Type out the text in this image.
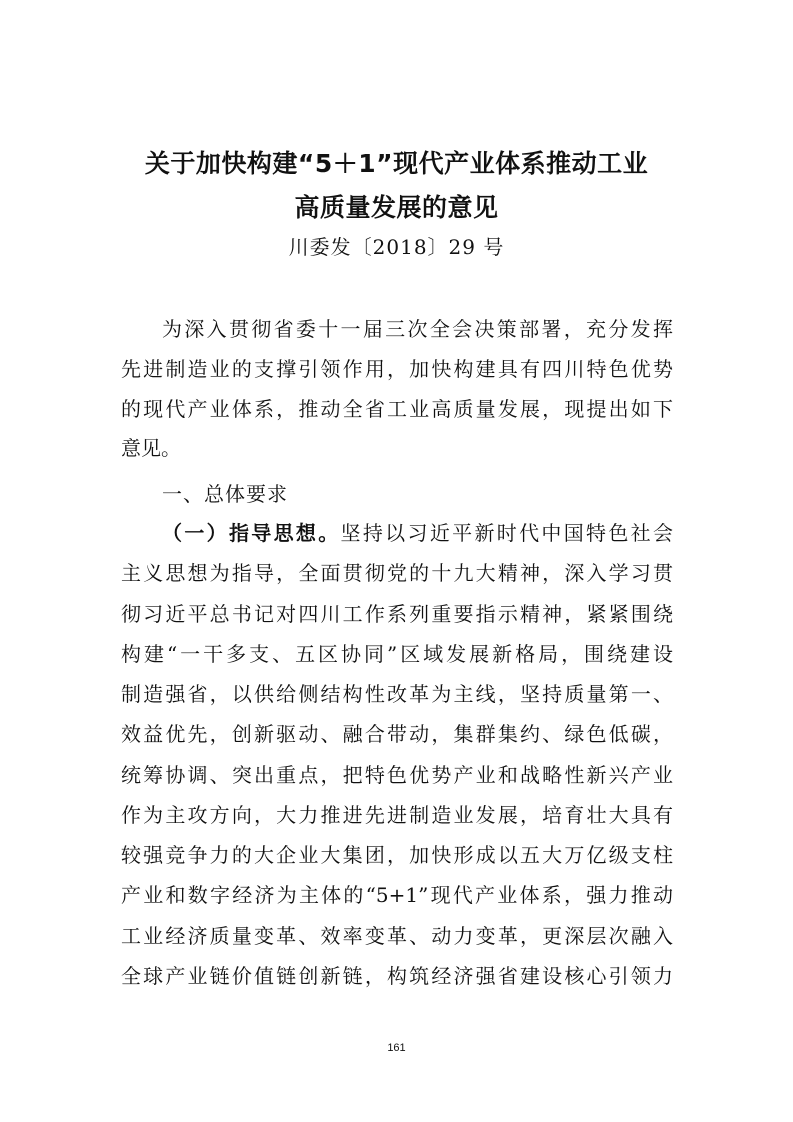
关于加快构建“5＋1”现代产业体系推动工业
高质量发展的意见
川委发〔2018〕29 号
为深入贯彻省委十一届三次全会决策部署，充分发挥
先进制造业的支撑引领作用，加快构建具有四川特色优势
的现代产业体系，推动全省工业高质量发展，现提出如下
意见。
一、总体要求
（一）指导思想。坚持以习近平新时代中国特色社会
主义思想为指导，全面贯彻党的十九大精神，深入学习贯
彻习近平总书记对四川工作系列重要指示精神，紧紧围绕
构建“一干多支、五区协同”区域发展新格局，围绕建设
制造强省，以供给侧结构性改革为主线，坚持质量第一、
效益优先，创新驱动、融合带动，集群集约、绿色低碳，
统筹协调、突出重点，把特色优势产业和战略性新兴产业
作为主攻方向，大力推进先进制造业发展，培育壮大具有
较强竞争力的大企业大集团，加快形成以五大万亿级支柱
产业和数字经济为主体的“5+1”现代产业体系，强力推动
工业经济质量变革、效率变革、动力变革，更深层次融入
全球产业链价值链创新链，构筑经济强省建设核心引领力
161
